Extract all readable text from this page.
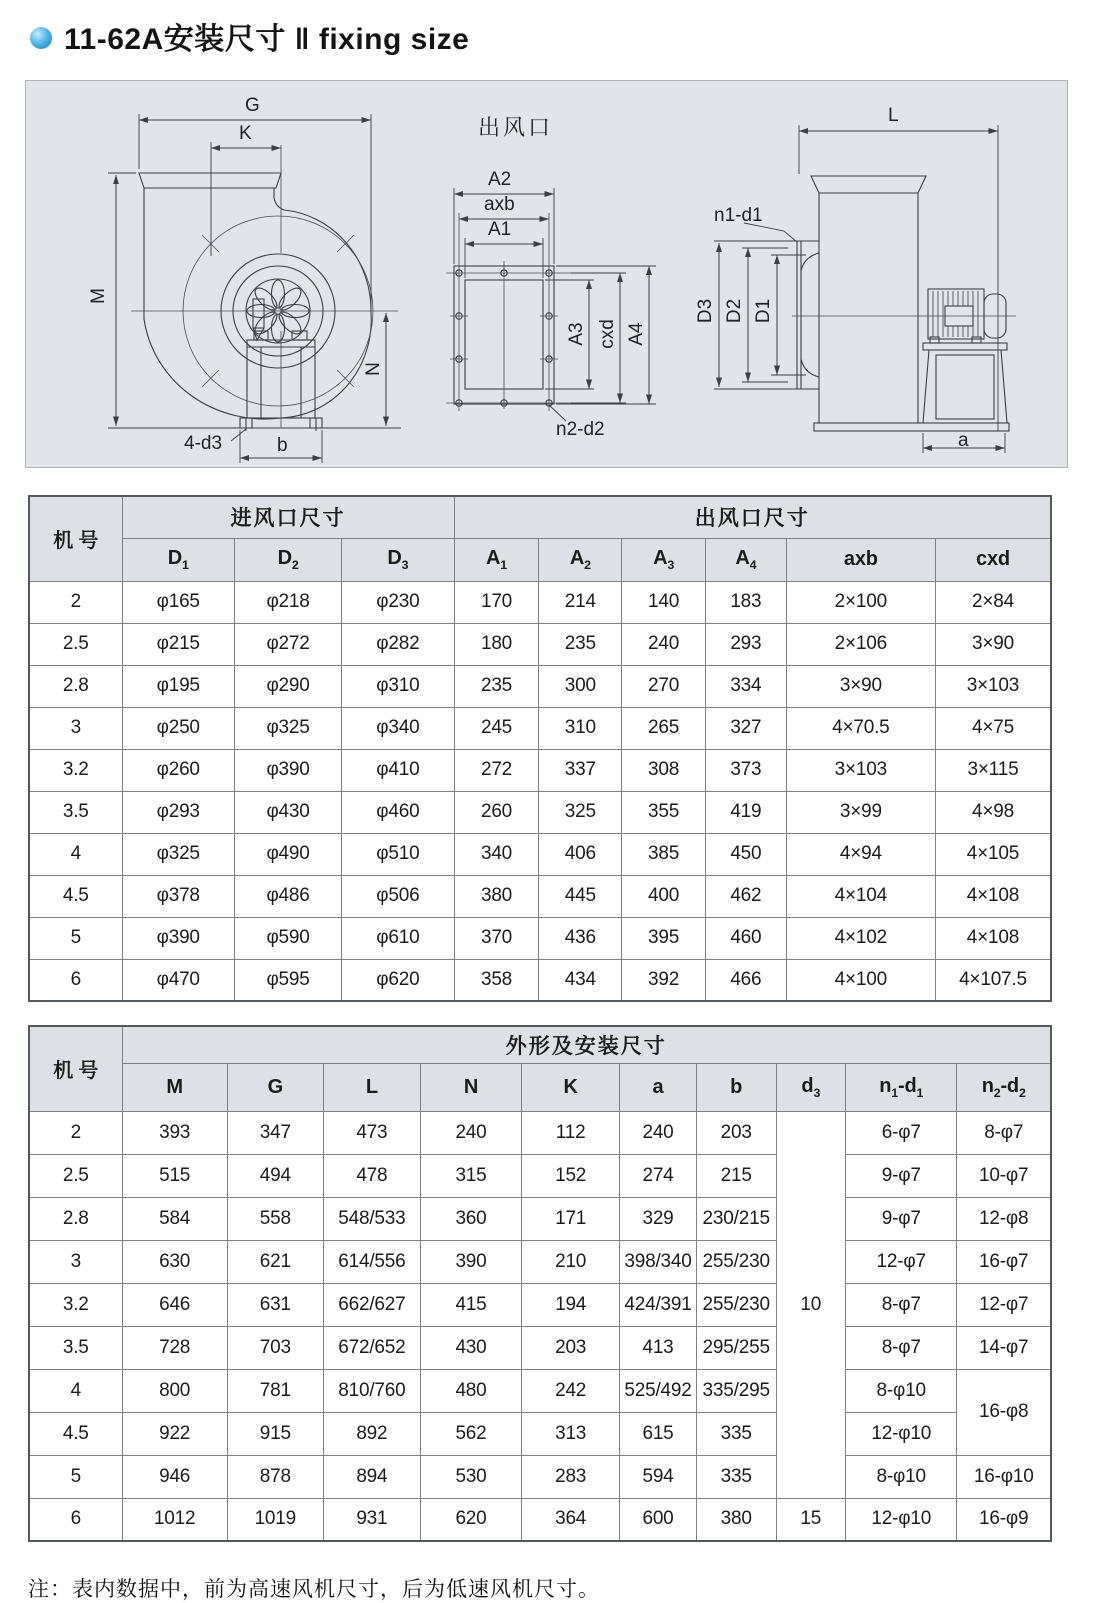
11-62A安装尺寸 ‖ fixing size
G
K
M
N
4-d3	b
出风口
A2
axb
A1
A3 cxd A4
n2-d2
L
n1-d1
D3 D2 D1
a
机 号	进风口尺寸			出风口尺寸					
	$D_1$	$D_2$	$D_3$	$A_1$	$A_2$	$A_3$	$A_4$	axb	cxd
2	φ165	φ218	φ230	170	214	140	183	2×100	2×84
2.5	φ215	φ272	φ282	180	235	240	293	2×106	3×90
2.8	φ195	φ290	φ310	235	300	270	334	3×90	3×103
3	φ250	φ325	φ340	245	310	265	327	4×70.5	4×75
3.2	φ260	φ390	φ410	272	337	308	373	3×103	3×115
3.5	φ293	φ430	φ460	260	325	355	419	3×99	4×98
4	φ325	φ490	φ510	340	406	385	450	4×94	4×105
4.5	φ378	φ486	φ506	380	445	400	462	4×104	4×108
5	φ390	φ590	φ610	370	436	395	460	4×102	4×108
6	φ470	φ595	φ620	358	434	392	466	4×100	4×107.5
机 号	外形及安装尺寸									
	M	G	L	N	K	a	b	$d_3$	$n_1-d_1$	$n_2-d_2$
2	393	347	473	240	112	240	203	10	6-φ7	8-φ7
2.5	515	494	478	315	152	274	215		9-φ7	10-φ7
2.8	584	558	548/533	360	171	329	230/215		9-φ7	12-φ8
3	630	621	614/556	390	210	398/340	255/230		12-φ7	16-φ7
3.2	646	631	662/627	415	194	424/391	255/230		8-φ7	12-φ7
3.5	728	703	672/652	430	203	413	295/255		8-φ7	14-φ7
4	800	781	810/760	480	242	525/492	335/295		8-φ10	16-φ8
4.5	922	915	892	562	313	615	335		12-φ10	
5	946	878	894	530	283	594	335		8-φ10	16-φ10
6	1012	1019	931	620	364	600	380	15	12-φ10	16-φ9

注：表内数据中，前为高速风机尺寸，后为低速风机尺寸。
